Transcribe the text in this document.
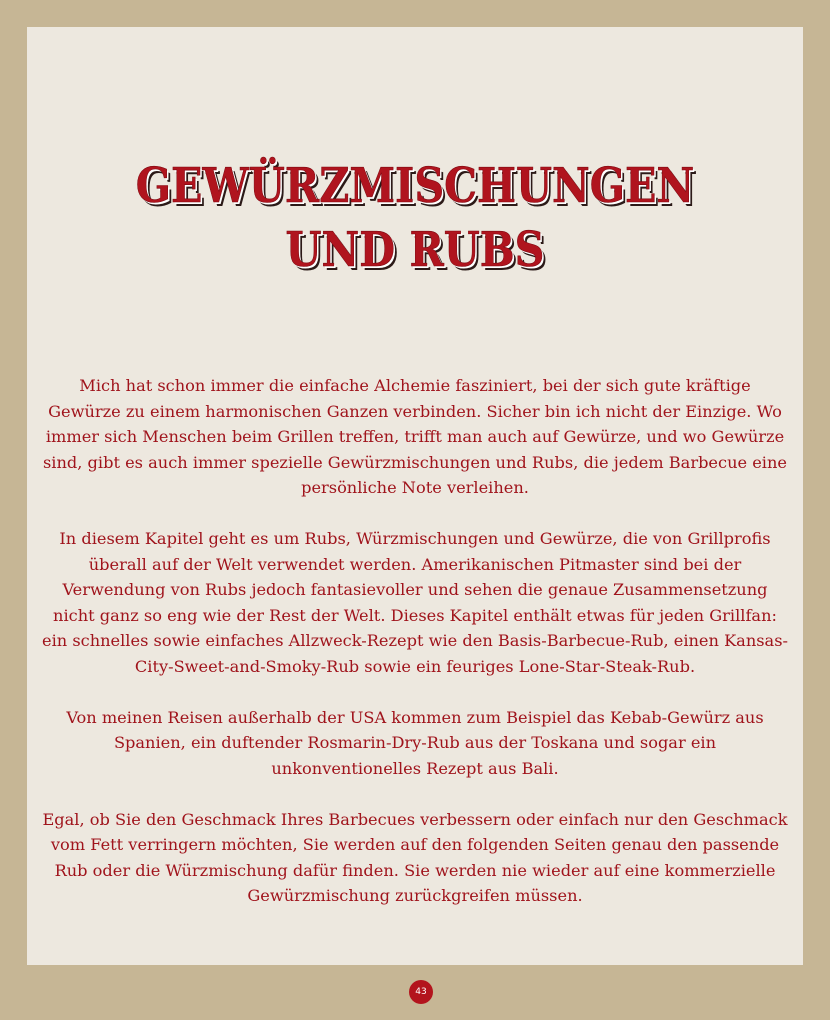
GEWÜRZMISCHUNGEN
UND RUBS

Mich hat schon immer die einfache Alchemie fasziniert, bei der sich gute kräftige Gewürze zu einem harmonischen Ganzen verbinden. Sicher bin ich nicht der Einzige. Wo immer sich Menschen beim Grillen treffen, trifft man auch auf Gewürze, und wo Gewürze sind, gibt es auch immer spezielle Gewürzmischungen und Rubs, die jedem Barbecue eine persönliche Note verleihen.

In diesem Kapitel geht es um Rubs, Würzmischungen und Gewürze, die von Grillprofis überall auf der Welt verwendet werden. Amerikanischen Pitmaster sind bei der Verwendung von Rubs jedoch fantasievoller und sehen die genaue Zusammensetzung nicht ganz so eng wie der Rest der Welt. Dieses Kapitel enthält etwas für jeden Grillfan: ein schnelles sowie einfaches Allzweck-Rezept wie den Basis-Barbecue-Rub, einen Kansas-City-Sweet-and-Smoky-Rub sowie ein feuriges Lone-Star-Steak-Rub.

Von meinen Reisen außerhalb der USA kommen zum Beispiel das Kebab-Gewürz aus Spanien, ein duftender Rosmarin-Dry-Rub aus der Toskana und sogar ein unkonventionelles Rezept aus Bali.

Egal, ob Sie den Geschmack Ihres Barbecues verbessern oder einfach nur den Geschmack vom Fett verringern möchten, Sie werden auf den folgenden Seiten genau den passende Rub oder die Würzmischung dafür finden. Sie werden nie wieder auf eine kommerzielle Gewürzmischung zurückgreifen müssen.

43
